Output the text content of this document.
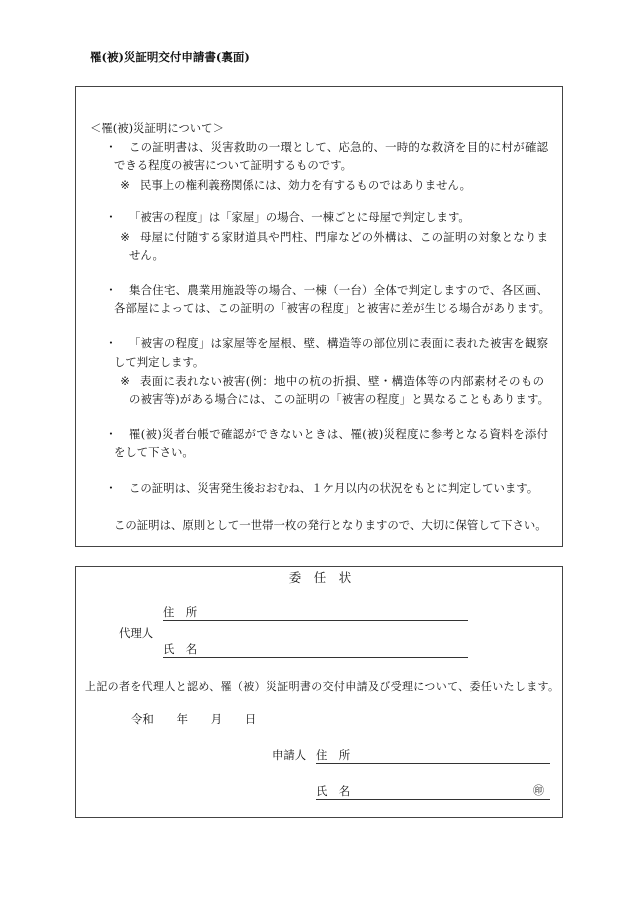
罹(被)災証明交付申請書(裏面)
＜罹(被)災証明について＞
・ この証明書は、災害救助の一環として、応急的、一時的な救済を目的に村が確認
できる程度の被害について証明するものです。
※ 民事上の権利義務関係には、効力を有するものではありません。
・ 「被害の程度」は「家屋」の場合、一棟ごとに母屋で判定します。
※ 母屋に付随する家財道具や門柱、門扉などの外構は、この証明の対象となりま
せん。
・ 集合住宅、農業用施設等の場合、一棟（一台）全体で判定しますので、各区画、
各部屋によっては、この証明の「被害の程度」と被害に差が生じる場合があります。
・ 「被害の程度」は家屋等を屋根、壁、構造等の部位別に表面に表れた被害を観察
して判定します。
※ 表面に表れない被害(例：地中の杭の折損、壁・構造体等の内部素材そのもの
の被害等)がある場合には、この証明の「被害の程度」と異なることもあります。
・ 罹(被)災者台帳で確認ができないときは、罹(被)災程度に参考となる資料を添付
をして下さい。
・ この証明は、災害発生後おおむね、１ケ月以内の状況をもとに判定しています。
この証明は、原則として一世帯一枚の発行となりますので、大切に保管して下さい。
委　任　状
住　所
代理人
氏　名
上記の者を代理人と認め、罹（被）災証明書の交付申請及び受理について、委任いたします。
令和　　年　　月　　日
申請人 住　所
氏　名	㊞
